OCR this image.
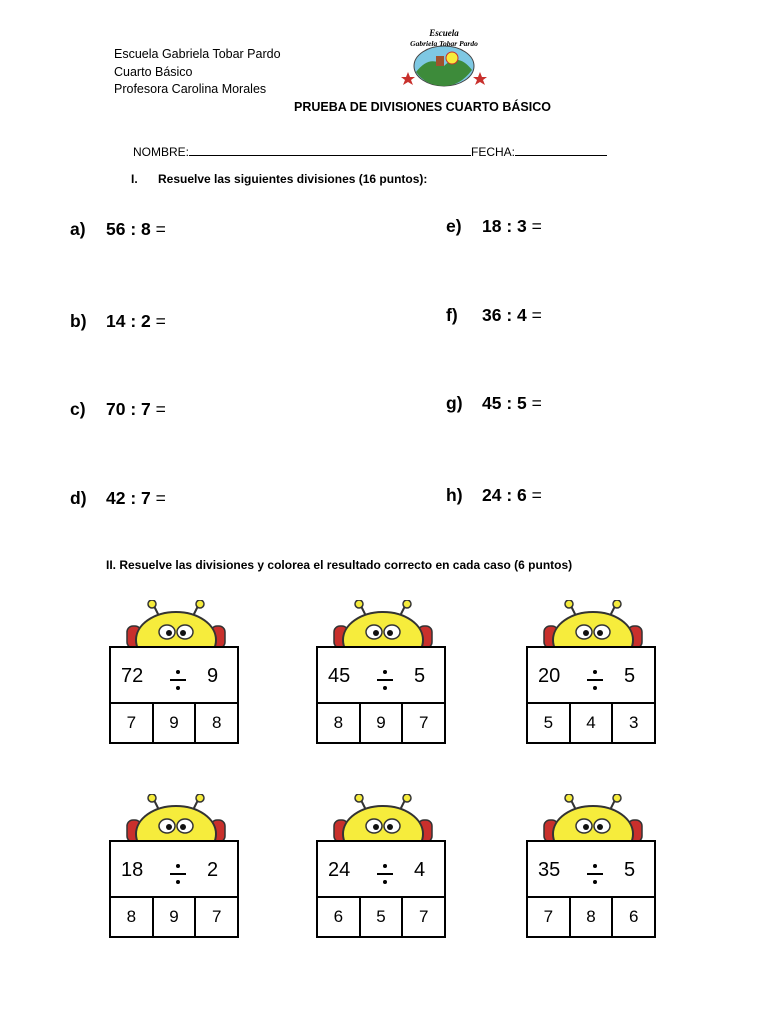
Escuela Gabriela Tobar Pardo
Cuarto Básico
Profesora Carolina Morales
Escuela
Gabriela Tobar Pardo
PRUEBA DE DIVISIONES CUARTO BÁSICO
NOMBRE:	FECHA:
I. Resuelve las siguientes divisiones (16 puntos):
a) 56 : 8 =
b) 14 : 2 =
c) 70 : 7 =
d) 42 : 7 =
e) 18 : 3 =
f) 36 : 4 =
g) 45 : 5 =
h) 24 : 6 =
II. Resuelve las divisiones y colorea el resultado correcto en cada caso (6 puntos)
72	9
7	9	8
45	5
8	9	7
20	5
5	4	3
18	2
8	9	7
24	4
6	5	7
35	5
7	8	6
